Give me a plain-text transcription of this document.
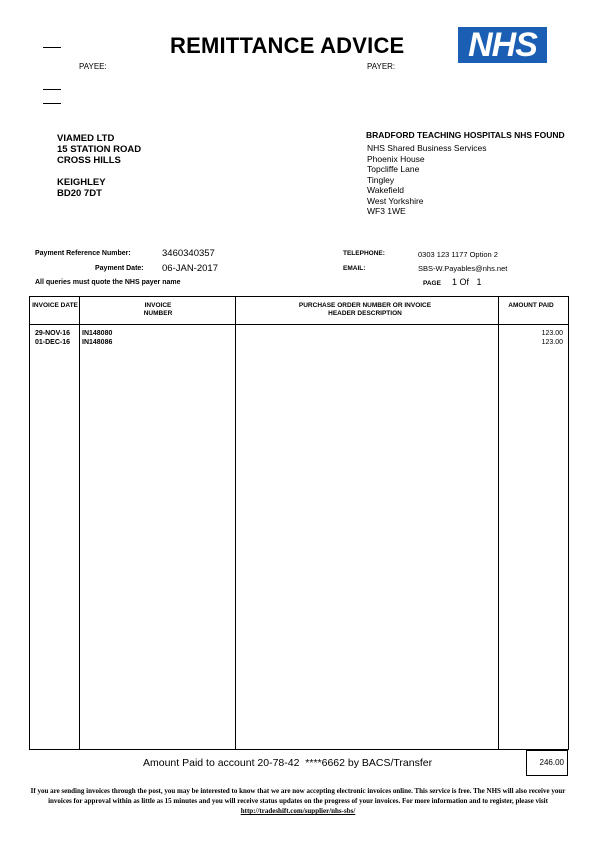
REMITTANCE ADVICE
PAYEE:	PAYER:
NHS
VIAMED LTD
15 STATION ROAD
CROSS HILLS
KEIGHLEY
BD20 7DT
BRADFORD TEACHING HOSPITALS NHS FOUND
NHS Shared Business Services
Phoenix House
Topcliffe Lane
Tingley
Wakefield
West Yorkshire
WF3 1WE
Payment Reference Number:	3460340357
Payment Date: 06-JAN-2017
All queries must quote the NHS payer name
TELEPHONE:	0303 123 1177 Option 2
EMAIL:	SBS-W.Payables@nhs.net
PAGE 1 Of   1
INVOICE DATE	INVOICE NUMBER
PURCHASE ORDER NUMBER OR INVOICE HEADER DESCRIPTION
AMOUNT PAID
29-NOV-16 IN148080	123.00
01-DEC-16 IN148086	123.00
Amount Paid to account 20-78-42  ****6662 by BACS/Transfer	246.00
If you are sending invoices through the post, you may be interested to know that we are now accepting electronic invoices online. This service is free. The NHS will also receive your invoices for approval within as little as 15 minutes and you will receive status updates on the progress of your invoices. For more information and to register, please visit http://tradeshift.com/supplier/nhs-sbs/
